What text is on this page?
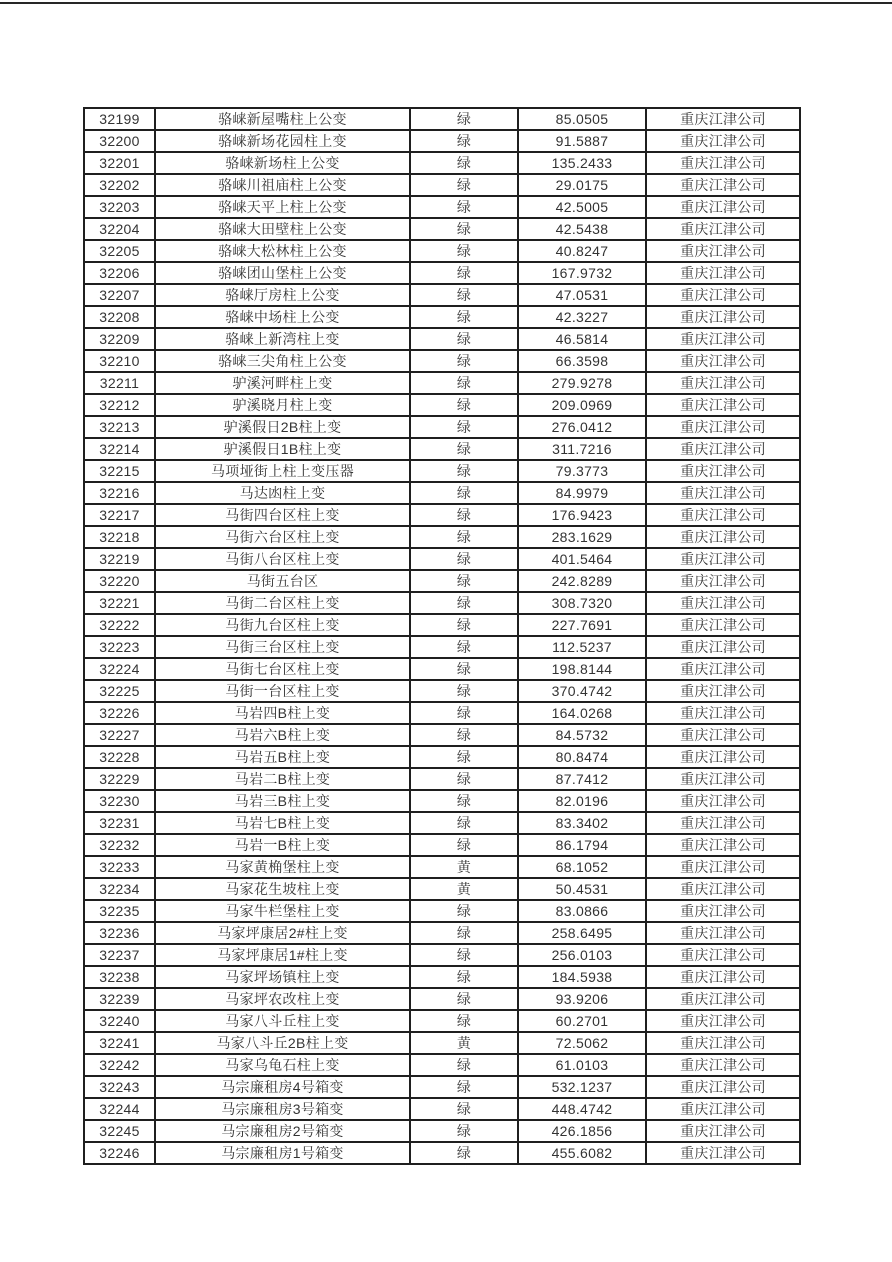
32199	骆崃新屋嘴柱上公变	绿	85.0505	重庆江津公司
32200	骆崃新场花园柱上变	绿	91.5887	重庆江津公司
32201	骆崃新场柱上公变	绿	135.2433	重庆江津公司
32202	骆崃川祖庙柱上公变	绿	29.0175	重庆江津公司
32203	骆崃天平上柱上公变	绿	42.5005	重庆江津公司
32204	骆崃大田壁柱上公变	绿	42.5438	重庆江津公司
32205	骆崃大松林柱上公变	绿	40.8247	重庆江津公司
32206	骆崃团山堡柱上公变	绿	167.9732	重庆江津公司
32207	骆崃厅房柱上公变	绿	47.0531	重庆江津公司
32208	骆崃中场柱上公变	绿	42.3227	重庆江津公司
32209	骆崃上新湾柱上变	绿	46.5814	重庆江津公司
32210	骆崃三尖角柱上公变	绿	66.3598	重庆江津公司
32211	驴溪河畔柱上变	绿	279.9278	重庆江津公司
32212	驴溪晓月柱上变	绿	209.0969	重庆江津公司
32213	驴溪假日2B柱上变	绿	276.0412	重庆江津公司
32214	驴溪假日1B柱上变	绿	311.7216	重庆江津公司
32215	马项垭街上柱上变压器	绿	79.3773	重庆江津公司
32216	马达凼柱上变	绿	84.9979	重庆江津公司
32217	马街四台区柱上变	绿	176.9423	重庆江津公司
32218	马街六台区柱上变	绿	283.1629	重庆江津公司
32219	马街八台区柱上变	绿	401.5464	重庆江津公司
32220	马街五台区	绿	242.8289	重庆江津公司
32221	马街二台区柱上变	绿	308.7320	重庆江津公司
32222	马街九台区柱上变	绿	227.7691	重庆江津公司
32223	马街三台区柱上变	绿	112.5237	重庆江津公司
32224	马街七台区柱上变	绿	198.8144	重庆江津公司
32225	马街一台区柱上变	绿	370.4742	重庆江津公司
32226	马岩四B柱上变	绿	164.0268	重庆江津公司
32227	马岩六B柱上变	绿	84.5732	重庆江津公司
32228	马岩五B柱上变	绿	80.8474	重庆江津公司
32229	马岩二B柱上变	绿	87.7412	重庆江津公司
32230	马岩三B柱上变	绿	82.0196	重庆江津公司
32231	马岩七B柱上变	绿	83.3402	重庆江津公司
32232	马岩一B柱上变	绿	86.1794	重庆江津公司
32233	马家黄桷堡柱上变	黄	68.1052	重庆江津公司
32234	马家花生坡柱上变	黄	50.4531	重庆江津公司
32235	马家牛栏堡柱上变	绿	83.0866	重庆江津公司
32236	马家坪康居2#柱上变	绿	258.6495	重庆江津公司
32237	马家坪康居1#柱上变	绿	256.0103	重庆江津公司
32238	马家坪场镇柱上变	绿	184.5938	重庆江津公司
32239	马家坪农改柱上变	绿	93.9206	重庆江津公司
32240	马家八斗丘柱上变	绿	60.2701	重庆江津公司
32241	马家八斗丘2B柱上变	黄	72.5062	重庆江津公司
32242	马家乌龟石柱上变	绿	61.0103	重庆江津公司
32243	马宗廉租房4号箱变	绿	532.1237	重庆江津公司
32244	马宗廉租房3号箱变	绿	448.4742	重庆江津公司
32245	马宗廉租房2号箱变	绿	426.1856	重庆江津公司
32246	马宗廉租房1号箱变	绿	455.6082	重庆江津公司
